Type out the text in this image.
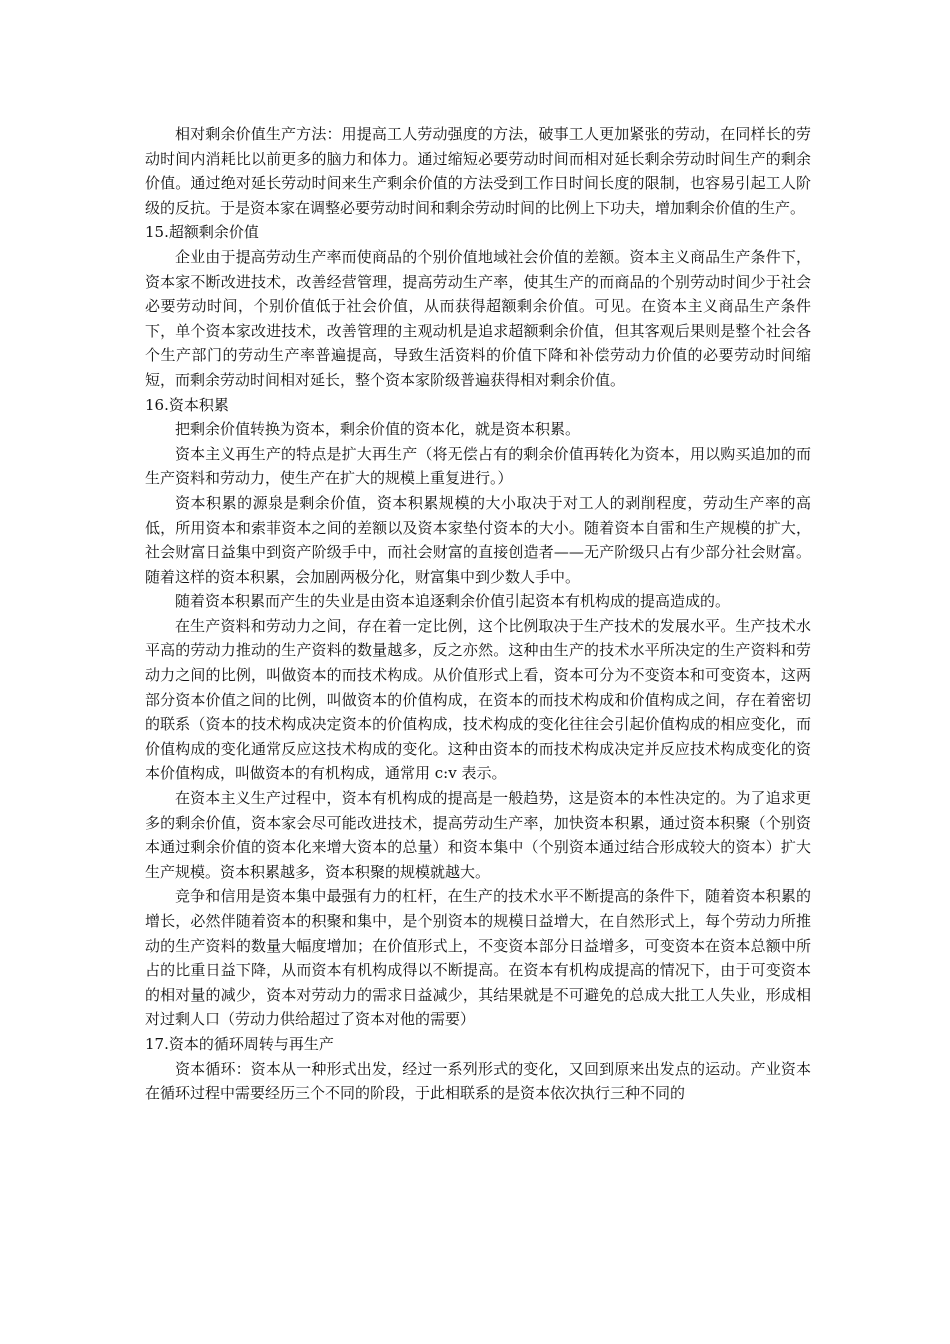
相对剩余价值生产方法：用提高工人劳动强度的方法，破事工人更加紧张的劳动，在同样长的劳动时间内消耗比以前更多的脑力和体力。通过缩短必要劳动时间而相对延长剩余劳动时间生产的剩余价值。通过绝对延长劳动时间来生产剩余价值的方法受到工作日时间长度的限制，也容易引起工人阶级的反抗。于是资本家在调整必要劳动时间和剩余劳动时间的比例上下功夫，增加剩余价值的生产。

15.超额剩余价值

企业由于提高劳动生产率而使商品的个别价值地域社会价值的差额。资本主义商品生产条件下，资本家不断改进技术，改善经营管理，提高劳动生产率，使其生产的而商品的个别劳动时间少于社会必要劳动时间，个别价值低于社会价值，从而获得超额剩余价值。可见。在资本主义商品生产条件下，单个资本家改进技术，改善管理的主观动机是追求超额剩余价值，但其客观后果则是整个社会各个生产部门的劳动生产率普遍提高，导致生活资料的价值下降和补偿劳动力价值的必要劳动时间缩短，而剩余劳动时间相对延长，整个资本家阶级普遍获得相对剩余价值。

16.资本积累

把剩余价值转换为资本，剩余价值的资本化，就是资本积累。

资本主义再生产的特点是扩大再生产（将无偿占有的剩余价值再转化为资本，用以购买追加的而生产资料和劳动力，使生产在扩大的规模上重复进行。）

资本积累的源泉是剩余价值，资本积累规模的大小取决于对工人的剥削程度，劳动生产率的高低，所用资本和索菲资本之间的差额以及资本家垫付资本的大小。随着资本自雷和生产规模的扩大，社会财富日益集中到资产阶级手中，而社会财富的直接创造者——无产阶级只占有少部分社会财富。随着这样的资本积累，会加剧两极分化，财富集中到少数人手中。

随着资本积累而产生的失业是由资本追逐剩余价值引起资本有机构成的提高造成的。

在生产资料和劳动力之间，存在着一定比例，这个比例取决于生产技术的发展水平。生产技术水平高的劳动力推动的生产资料的数量越多，反之亦然。这种由生产的技术水平所决定的生产资料和劳动力之间的比例，叫做资本的而技术构成。从价值形式上看，资本可分为不变资本和可变资本，这两部分资本价值之间的比例，叫做资本的价值构成，在资本的而技术构成和价值构成之间，存在着密切的联系（资本的技术构成决定资本的价值构成，技术构成的变化往往会引起价值构成的相应变化，而价值构成的变化通常反应这技术构成的变化。这种由资本的而技术构成决定并反应技术构成变化的资本价值构成，叫做资本的有机构成，通常用 c:v 表示。

在资本主义生产过程中，资本有机构成的提高是一般趋势，这是资本的本性决定的。为了追求更多的剩余价值，资本家会尽可能改进技术，提高劳动生产率，加快资本积累，通过资本积聚（个别资本通过剩余价值的资本化来增大资本的总量）和资本集中（个别资本通过结合形成较大的资本）扩大生产规模。资本积累越多，资本积聚的规模就越大。

竞争和信用是资本集中最强有力的杠杆，在生产的技术水平不断提高的条件下，随着资本积累的增长，必然伴随着资本的积聚和集中，是个别资本的规模日益增大，在自然形式上，每个劳动力所推动的生产资料的数量大幅度增加；在价值形式上，不变资本部分日益增多，可变资本在资本总额中所占的比重日益下降，从而资本有机构成得以不断提高。在资本有机构成提高的情况下，由于可变资本的相对量的减少，资本对劳动力的需求日益减少，其结果就是不可避免的总成大批工人失业，形成相对过剩人口（劳动力供给超过了资本对他的需要）

17.资本的循环周转与再生产

资本循环：资本从一种形式出发，经过一系列形式的变化，又回到原来出发点的运动。产业资本在循环过程中需要经历三个不同的阶段，于此相联系的是资本依次执行三种不同的
